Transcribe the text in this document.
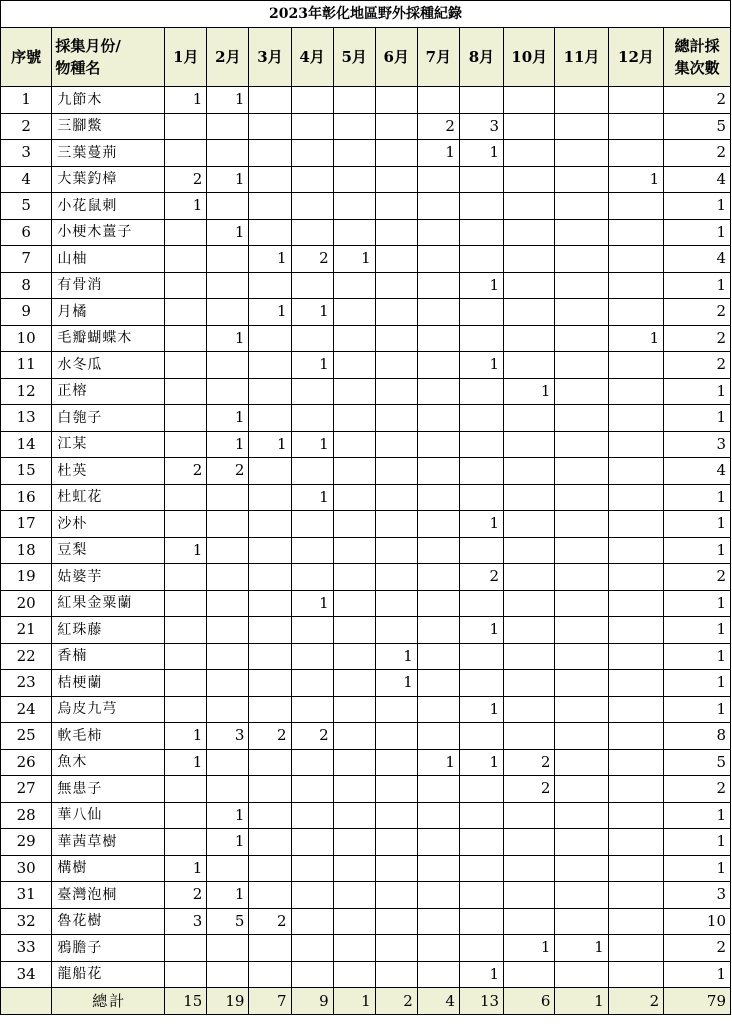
2023年彰化地區野外採種紀錄													
序號	採集月份/
物種名	1月	2月	3月	4月	5月	6月	7月	8月	10月	11月	12月	總計採
集次數
1	九節木	1	1										2
2	三腳鱉							2	3				5
3	三葉蔓荊							1	1				2
4	大葉釣樟	2	1									1	4
5	小花鼠刺	1											1
6	小梗木薑子		1										1
7	山柚			1	2	1							4
8	有骨消								1				1
9	月橘			1	1								2
10	毛瓣蝴蝶木		1									1	2
11	水冬瓜				1				1				2
12	正榕									1			1
13	白匏子		1										1
14	江某		1	1	1								3
15	杜英	2	2										4
16	杜虹花				1								1
17	沙朴								1				1
18	豆梨	1											1
19	姑婆芋								2				2
20	紅果金粟蘭				1								1
21	紅珠藤								1				1
22	香楠						1						1
23	桔梗蘭						1						1
24	烏皮九芎								1				1
25	軟毛柿	1	3	2	2								8
26	魚木	1						1	1	2			5
27	無患子									2			2
28	華八仙		1										1
29	華茜草樹		1										1
30	構樹	1											1
31	臺灣泡桐	2	1										3
32	魯花樹	3	5	2									10
33	鴉膽子									1	1		2
34	龍船花								1				1
	總計	15	19	7	9	1	2	4	13	6	1	2	79
